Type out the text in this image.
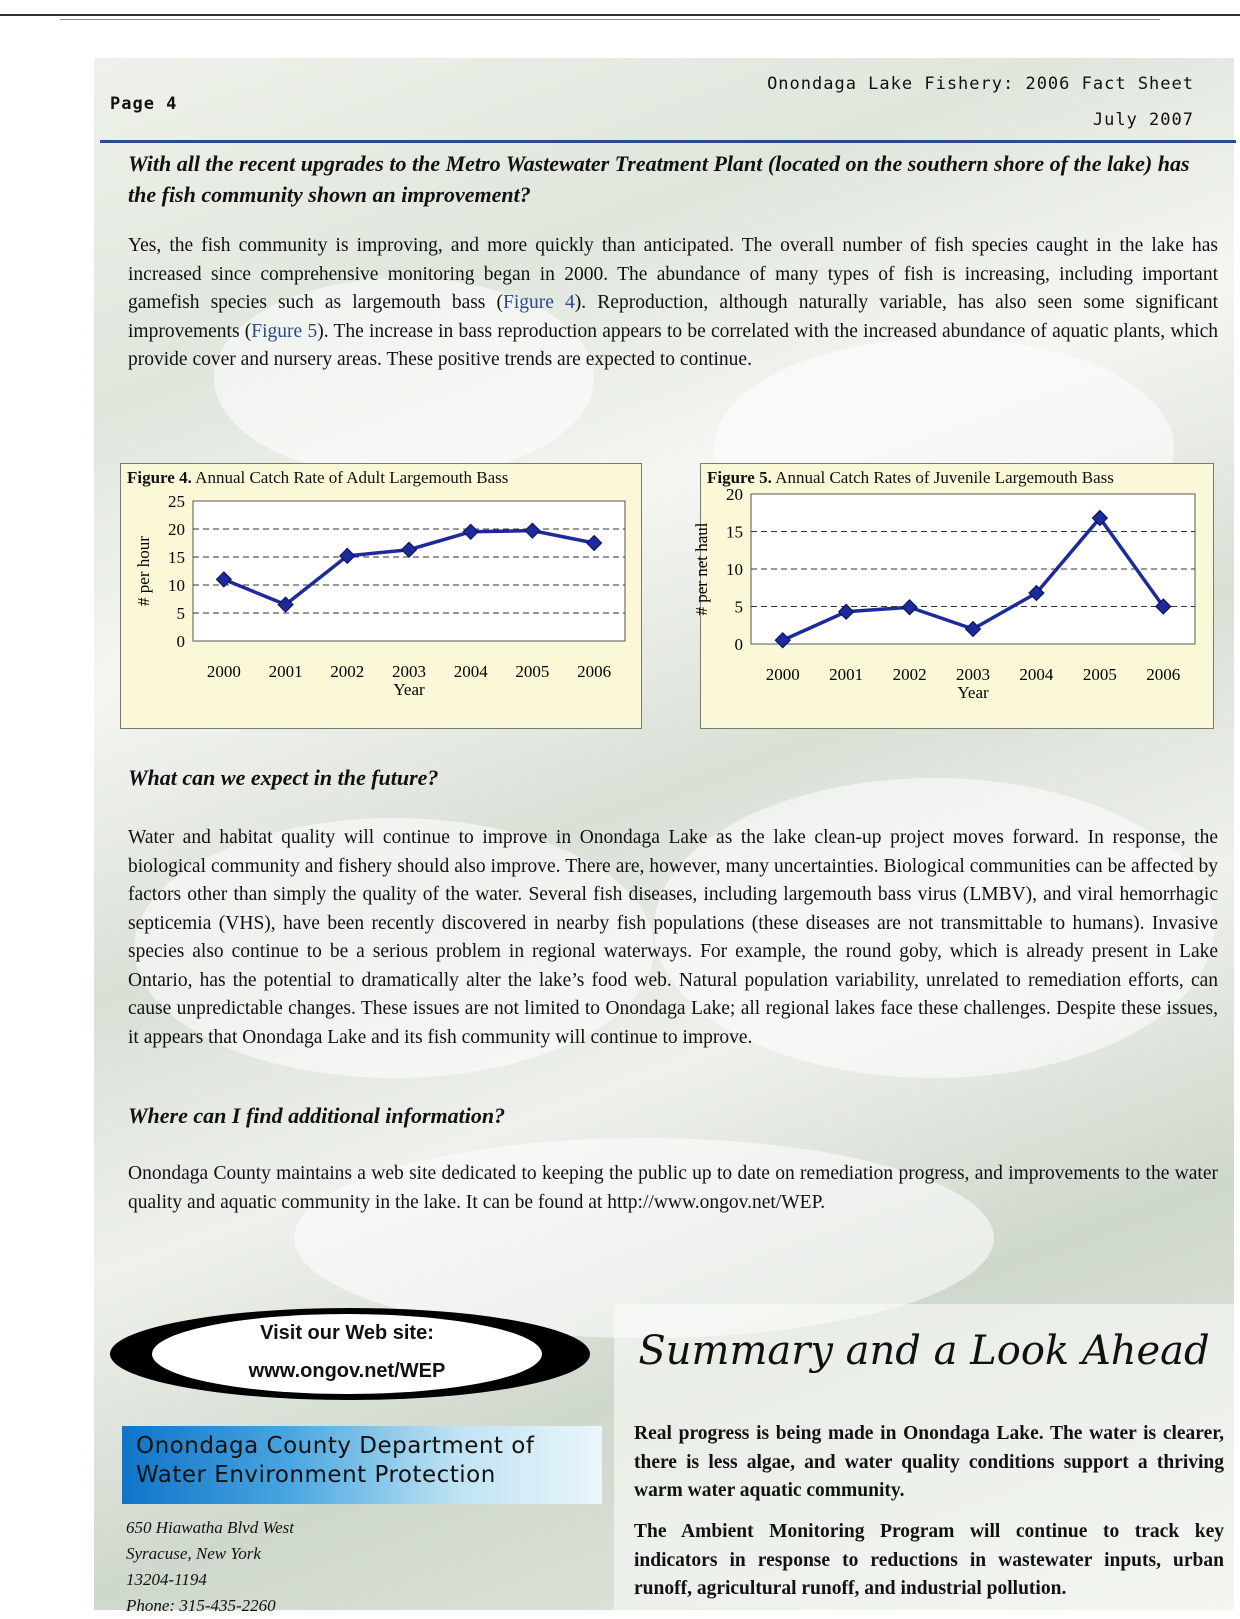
Page 4
Onondaga Lake Fishery: 2006 Fact Sheet
July 2007
With all the recent upgrades to the Metro Wastewater Treatment Plant (located on the southern shore of the lake) has the fish community shown an improvement?
Yes, the fish community is improving, and more quickly than anticipated. The overall number of fish species caught in the lake has increased since comprehensive monitoring began in 2000. The abundance of many types of fish is increasing, including important gamefish species such as largemouth bass (Figure 4). Reproduction, although naturally variable, has also seen some significant improvements (Figure 5). The increase in bass reproduction appears to be correlated with the increased abundance of aquatic plants, which provide cover and nursery areas. These positive trends are expected to continue.
Figure 4. Annual Catch Rate of Adult Largemouth Bass
0
5
10
15
20
25
2000 2001 2002 2003 2004 2005 2006
Year
# per hour
Figure 5. Annual Catch Rates of Juvenile Largemouth Bass
0
5
10
15
20
2000 2001 2002 2003 2004 2005 2006
Year
# per net haul
What can we expect in the future?
Water and habitat quality will continue to improve in Onondaga Lake as the lake clean-up project moves forward. In response, the biological community and fishery should also improve. There are, however, many uncertainties. Biological communities can be affected by factors other than simply the quality of the water. Several fish diseases, including largemouth bass virus (LMBV), and viral hemorrhagic septicemia (VHS), have been recently discovered in nearby fish populations (these diseases are not transmittable to humans). Invasive species also continue to be a serious problem in regional waterways. For example, the round goby, which is already present in Lake Ontario, has the potential to dramatically alter the lake’s food web. Natural population variability, unrelated to remediation efforts, can cause unpredictable changes. These issues are not limited to Onondaga Lake; all regional lakes face these challenges. Despite these issues, it appears that Onondaga Lake and its fish community will continue to improve.
Where can I find additional information?
Onondaga County maintains a web site dedicated to keeping the public up to date on remediation progress, and improvements to the water quality and aquatic community in the lake. It can be found at http://www.ongov.net/WEP.
Visit our Web site:
www.ongov.net/WEP
Onondaga County Department of
Water Environment Protection
650 Hiawatha Blvd West
Syracuse, New York
13204-1194
Phone: 315-435-2260
Summary and a Look Ahead
Real progress is being made in Onondaga Lake. The water is clearer, there is less algae, and water quality conditions support a thriving warm water aquatic community.
The Ambient Monitoring Program will continue to track key indicators in response to reductions in wastewater inputs, urban runoff, agricultural runoff, and industrial pollution.
